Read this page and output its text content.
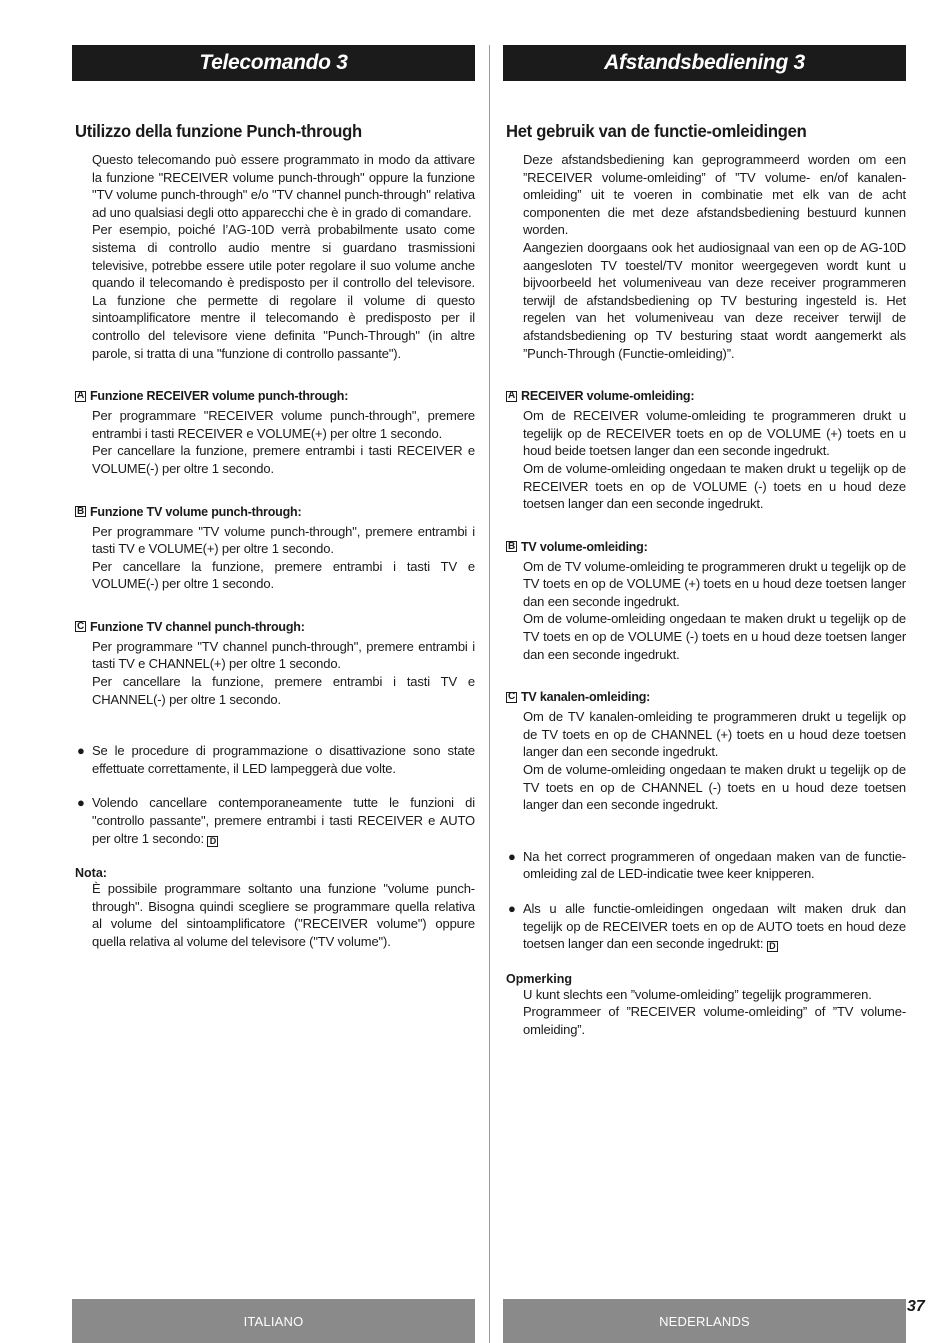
Telecomando 3
Utilizzo della funzione Punch-through
Questo telecomando può essere programmato in modo da attivare la funzione "RECEIVER volume punch-through" oppure la funzione "TV volume punch-through" e/o "TV channel punch-through" relativa ad uno qualsiasi degli otto apparecchi che è in grado di comandare.
Per esempio, poiché l’AG-10D verrà probabilmente usato come sistema di controllo audio mentre si guardano trasmissioni televisive, potrebbe essere utile poter regolare il suo volume anche quando il telecomando è predisposto per il controllo del televisore. La funzione che permette di regolare il volume di questo sintoamplificatore mentre il telecomando è predisposto per il controllo del televisore viene definita "Punch-Through" (in altre parole, si tratta di una "funzione di controllo passante").
A Funzione RECEIVER volume punch-through:
Per programmare "RECEIVER volume punch-through", premere entrambi i tasti RECEIVER e VOLUME(+) per oltre 1 secondo.
Per cancellare la funzione, premere entrambi i tasti RECEIVER e VOLUME(-) per oltre 1 secondo.
B Funzione TV volume punch-through:
Per programmare "TV volume punch-through", premere entrambi i tasti TV e VOLUME(+) per oltre 1 secondo.
Per cancellare la funzione, premere entrambi i tasti TV e VOLUME(-) per oltre 1 secondo.
C Funzione TV channel punch-through:
Per programmare "TV channel punch-through", premere entrambi i tasti TV e CHANNEL(+) per oltre 1 secondo.
Per cancellare la funzione, premere entrambi i tasti TV e CHANNEL(-) per oltre 1 secondo.
● Se le procedure di programmazione o disattivazione sono state effettuate correttamente, il LED lampeggerà due volte.
● Volendo cancellare contemporaneamente tutte le funzioni di "controllo passante", premere entrambi i tasti RECEIVER e AUTO per oltre 1 secondo: D
Nota:
È possibile programmare soltanto una funzione "volume punch-through". Bisogna quindi scegliere se programmare quella relativa al volume del sintoamplificatore ("RECEIVER volume") oppure quella relativa al volume del televisore ("TV volume").
Afstandsbediening 3
Het gebruik van de functie-omleidingen
Deze afstandsbediening kan geprogrammeerd worden om een ”RECEIVER volume-omleiding” of ”TV volume- en/of kanalen-omleiding” uit te voeren in combinatie met elk van de acht componenten die met deze afstandsbediening bestuurd kunnen worden.
Aangezien doorgaans ook het audiosignaal van een op de AG-10D aangesloten TV toestel/TV monitor weergegeven wordt kunt u bijvoorbeeld het volumeniveau van deze receiver programmeren terwijl de afstandsbediening op TV besturing ingesteld is. Het regelen van het volumeniveau van deze receiver terwijl de afstandsbediening op TV besturing staat wordt aangemerkt als ”Punch-Through (Functie-omleiding)”.
A RECEIVER volume-omleiding:
Om de RECEIVER volume-omleiding te programmeren drukt u tegelijk op de RECEIVER toets en op de VOLUME (+) toets en u houd beide toetsen langer dan een seconde ingedrukt.
Om de volume-omleiding ongedaan te maken drukt u tegelijk op de RECEIVER toets en op de VOLUME (-) toets en u houd deze toetsen langer dan een seconde ingedrukt.
B TV volume-omleiding:
Om de TV volume-omleiding te programmeren drukt u tegelijk op de TV toets en op de VOLUME (+) toets en u houd deze toetsen langer dan een seconde ingedrukt.
Om de volume-omleiding ongedaan te maken drukt u tegelijk op de TV toets en op de VOLUME (-) toets en u houd deze toetsen langer dan een seconde ingedrukt.
C TV kanalen-omleiding:
Om de TV kanalen-omleiding te programmeren drukt u tegelijk op de TV toets en op de CHANNEL (+) toets en u houd deze toetsen langer dan een seconde ingedrukt.
Om de volume-omleiding ongedaan te maken drukt u tegelijk op de TV toets en op de CHANNEL (-) toets en u houd deze toetsen langer dan een seconde ingedrukt.
● Na het correct programmeren of ongedaan maken van de functie-omleiding zal de LED-indicatie twee keer knipperen.
● Als u alle functie-omleidingen ongedaan wilt maken druk dan tegelijk op de RECEIVER toets en op de AUTO toets en houd deze toetsen langer dan een seconde ingedrukt: D
Opmerking
U kunt slechts een ”volume-omleiding” tegelijk programmeren.
Programmeer of ”RECEIVER volume-omleiding” of ”TV volume-omleiding”.
ITALIANO	NEDERLANDS
37
